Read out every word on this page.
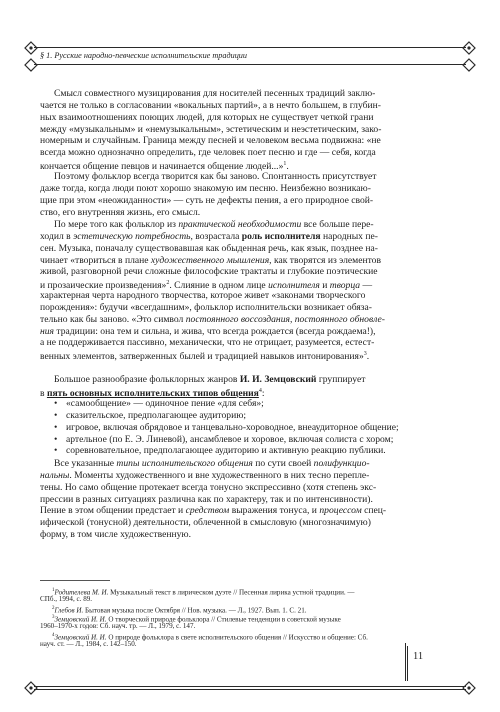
§ 1. Русские народно-певческие исполнительские традиции
Смысл совместного музицирования для носителей песенных традиций заклю-
чается не только в согласовании «вокальных партий», а в нечто большем, в глубин-
ных взаимоотношениях поющих людей, для которых не существует четкой грани
между «музыкальным» и «немузыкальным», эстетическим и неэстетическим, зако-
номерным и случайным. Граница между песней и человеком весьма подвижна: «не
всегда можно однозначно определить, где человек поет песню и где — себя, когда
кончается общение певцов и начинается общение людей...»$^1$.
Поэтому фольклор всегда творится как бы заново. Спонтанность присутствует
даже тогда, когда люди поют хорошо знакомую им песню. Неизбежно возникаю-
щие при этом «неожиданности» — суть не дефекты пения, а его природное свой-
ство, его внутренняя жизнь, его смысл.
По мере того как фольклор из практической необходимости все больше пере-
ходил в эстетическую потребность, возрастала роль исполнителя народных пе-
сен. Музыка, поначалу существовавшая как обыденная речь, как язык, позднее на-
чинает «твориться в плане художественного мышления, как творятся из элементов
живой, разговорной речи сложные философские трактаты и глубокие поэтические
и прозаические произведения»$^2$. Слияние в одном лице исполнителя и творца —
характерная черта народного творчества, которое живет «законами творческого
порождения»: будучи «всегдашним», фольклор исполнительски возникает обяза-
тельно как бы заново. «Это символ постоянного воссоздания, постоянного обновле-
ния традиции: она тем и сильна, и жива, что всегда рождается (всегда рождаема!),
а не поддерживается пассивно, механически, что не отрицает, разумеется, естест-
венных элементов, затверженных былей и традицией навыков интонирования»$^3$.
Большое разнообразие фольклорных жанров И. И. Земцовский группирует
в пять основных исполнительских типов общения$^4$:
• «самообщение» — одиночное пение «для себя»;
• сказительское, предполагающее аудиторию;
• игровое, включая обрядовое и танцевально-хороводное, внеаудиторное общение;
• артельное (по Е. Э. Линевой), ансамблевое и хоровое, включая солиста с хором;
• соревновательное, предполагающее аудиторию и активную реакцию публики.
Все указанные типы исполнительского общения по сути своей полифункцио-
нальны. Моменты художественного и вне художественного в них тесно переплe-
тены. Но само общение протекает всегда тонусно экспрессивно (хотя степень экс-
прессии в разных ситуациях различна как по характеру, так и по интенсивности).
Пение в этом общении предстает и средством выражения тонуса, и процессом спец-
ифической (тонусной) деятельности, облеченной в смысловую (многозначимую)
форму, в том числе художественную.
$^1$Родителева М. И. Музыкальный текст в лирическом дуэте // Песенная лирика устной традиции. —
СПб., 1994, с. 89.
$^2$Глебов И. Бытовая музыка после Октября // Нов. музыка. — Л., 1927. Вып. 1. С. 21.
$^3$Земцовский И. И. О творческой природе фольклора // Стилевые тенденции в советской музыке
1960–1970-х годов: Сб. науч. тр. — Л., 1979, с. 147.
$^4$Земцовский И. И. О природе фольклора в свете исполнительского общения // Искусство и общение: Сб.
науч. ст. — Л., 1984, с. 142–150.
11
